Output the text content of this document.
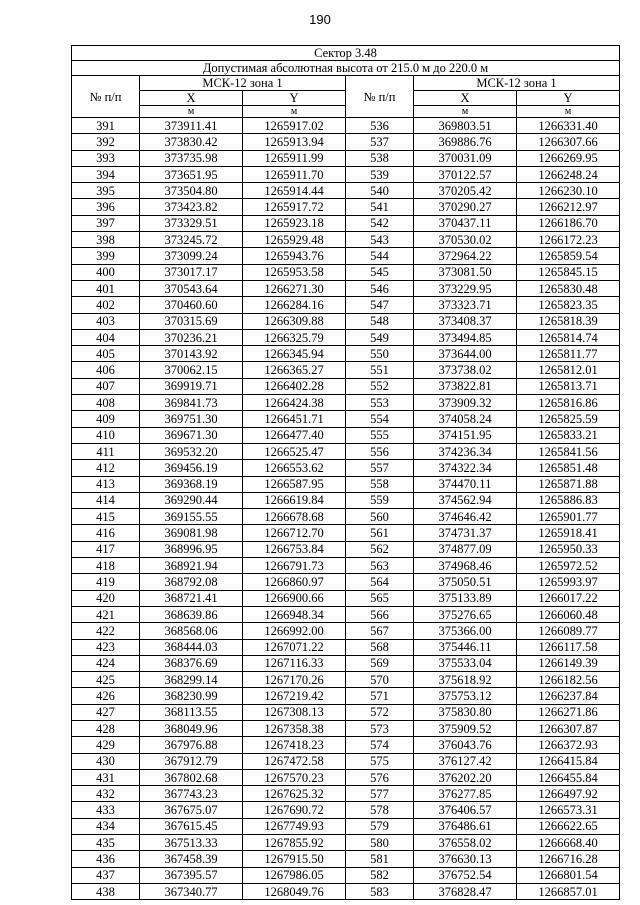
190
Сектор 3.48					
Допустимая абсолютная высота от 215.0 м до 220.0 м					
№ п/п	МСК-12 зона 1		№ п/п	МСК-12 зона 1	
	X	Y		X	Y
	м	м		м	м
391	373911.41	1265917.02	536	369803.51	1266331.40
392	373830.42	1265913.94	537	369886.76	1266307.66
393	373735.98	1265911.99	538	370031.09	1266269.95
394	373651.95	1265911.70	539	370122.57	1266248.24
395	373504.80	1265914.44	540	370205.42	1266230.10
396	373423.82	1265917.72	541	370290.27	1266212.97
397	373329.51	1265923.18	542	370437.11	1266186.70
398	373245.72	1265929.48	543	370530.02	1266172.23
399	373099.24	1265943.76	544	372964.22	1265859.54
400	373017.17	1265953.58	545	373081.50	1265845.15
401	370543.64	1266271.30	546	373229.95	1265830.48
402	370460.60	1266284.16	547	373323.71	1265823.35
403	370315.69	1266309.88	548	373408.37	1265818.39
404	370236.21	1266325.79	549	373494.85	1265814.74
405	370143.92	1266345.94	550	373644.00	1265811.77
406	370062.15	1266365.27	551	373738.02	1265812.01
407	369919.71	1266402.28	552	373822.81	1265813.71
408	369841.73	1266424.38	553	373909.32	1265816.86
409	369751.30	1266451.71	554	374058.24	1265825.59
410	369671.30	1266477.40	555	374151.95	1265833.21
411	369532.20	1266525.47	556	374236.34	1265841.56
412	369456.19	1266553.62	557	374322.34	1265851.48
413	369368.19	1266587.95	558	374470.11	1265871.88
414	369290.44	1266619.84	559	374562.94	1265886.83
415	369155.55	1266678.68	560	374646.42	1265901.77
416	369081.98	1266712.70	561	374731.37	1265918.41
417	368996.95	1266753.84	562	374877.09	1265950.33
418	368921.94	1266791.73	563	374968.46	1265972.52
419	368792.08	1266860.97	564	375050.51	1265993.97
420	368721.41	1266900.66	565	375133.89	1266017.22
421	368639.86	1266948.34	566	375276.65	1266060.48
422	368568.06	1266992.00	567	375366.00	1266089.77
423	368444.03	1267071.22	568	375446.11	1266117.58
424	368376.69	1267116.33	569	375533.04	1266149.39
425	368299.14	1267170.26	570	375618.92	1266182.56
426	368230.99	1267219.42	571	375753.12	1266237.84
427	368113.55	1267308.13	572	375830.80	1266271.86
428	368049.96	1267358.38	573	375909.52	1266307.87
429	367976.88	1267418.23	574	376043.76	1266372.93
430	367912.79	1267472.58	575	376127.42	1266415.84
431	367802.68	1267570.23	576	376202.20	1266455.84
432	367743.23	1267625.32	577	376277.85	1266497.92
433	367675.07	1267690.72	578	376406.57	1266573.31
434	367615.45	1267749.93	579	376486.61	1266622.65
435	367513.33	1267855.92	580	376558.02	1266668.40
436	367458.39	1267915.50	581	376630.13	1266716.28
437	367395.57	1267986.05	582	376752.54	1266801.54
438	367340.77	1268049.76	583	376828.47	1266857.01
